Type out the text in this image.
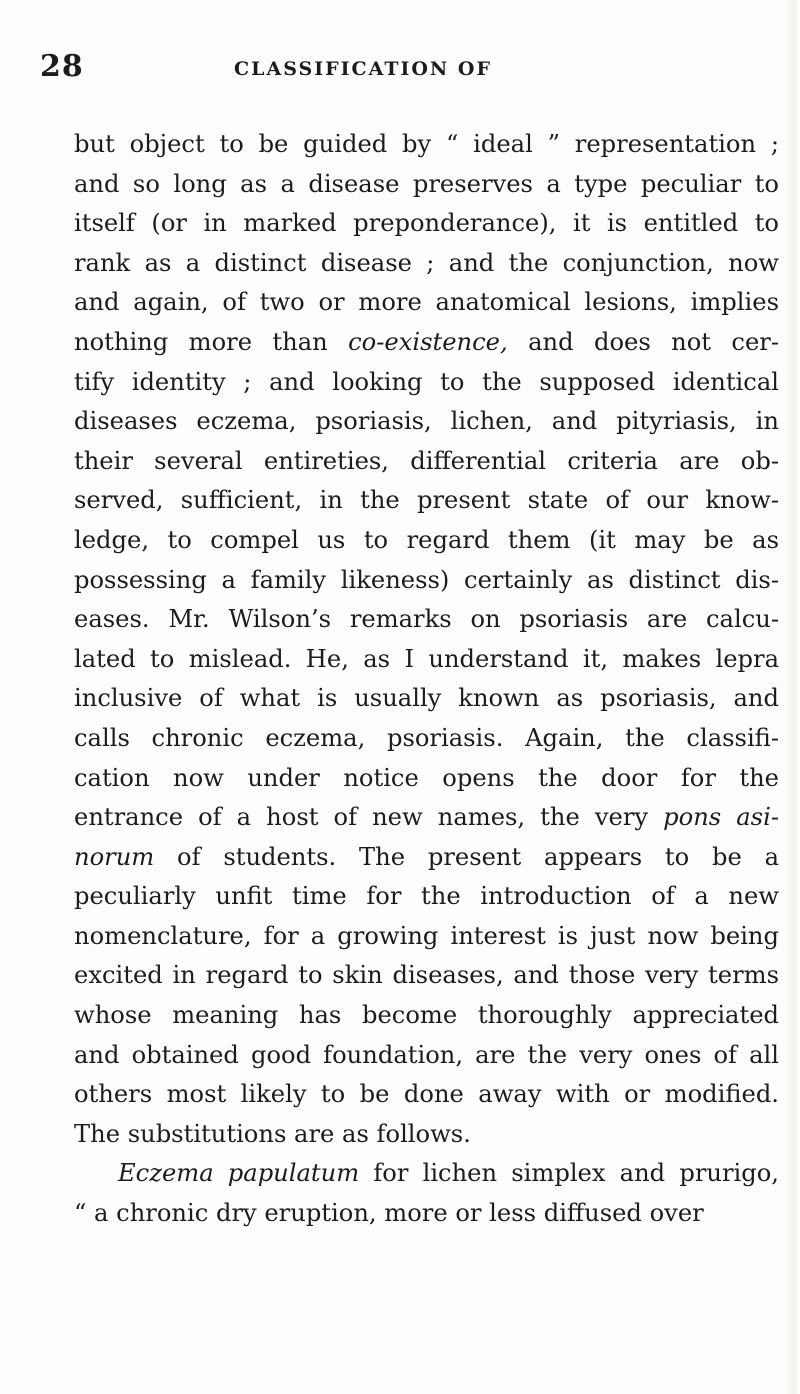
28	CLASSIFICATION OF
but object to be guided by “ ideal ” representation ;
and so long as a disease preserves a type peculiar to
itself (or in marked preponderance), it is entitled to
rank as a distinct disease ; and the conjunction, now
and again, of two or more anatomical lesions, implies
nothing more than co-existence, and does not cer-
tify identity ; and looking to the supposed identical
diseases eczema, psoriasis, lichen, and pityriasis, in
their several entireties, differential criteria are ob-
served, sufficient, in the present state of our know-
ledge, to compel us to regard them (it may be as
possessing a family likeness) certainly as distinct dis-
eases. Mr. Wilson’s remarks on psoriasis are calcu-
lated to mislead. He, as I understand it, makes lepra
inclusive of what is usually known as psoriasis, and
calls chronic eczema, psoriasis. Again, the classifi-
cation now under notice opens the door for the
entrance of a host of new names, the very pons asi-
norum of students. The present appears to be a
peculiarly unfit time for the introduction of a new
nomenclature, for a growing interest is just now being
excited in regard to skin diseases, and those very terms
whose meaning has become thoroughly appreciated
and obtained good foundation, are the very ones of all
others most likely to be done away with or modified.
The substitutions are as follows.
Eczema papulatum for lichen simplex and prurigo,
“ a chronic dry eruption, more or less diffused over
